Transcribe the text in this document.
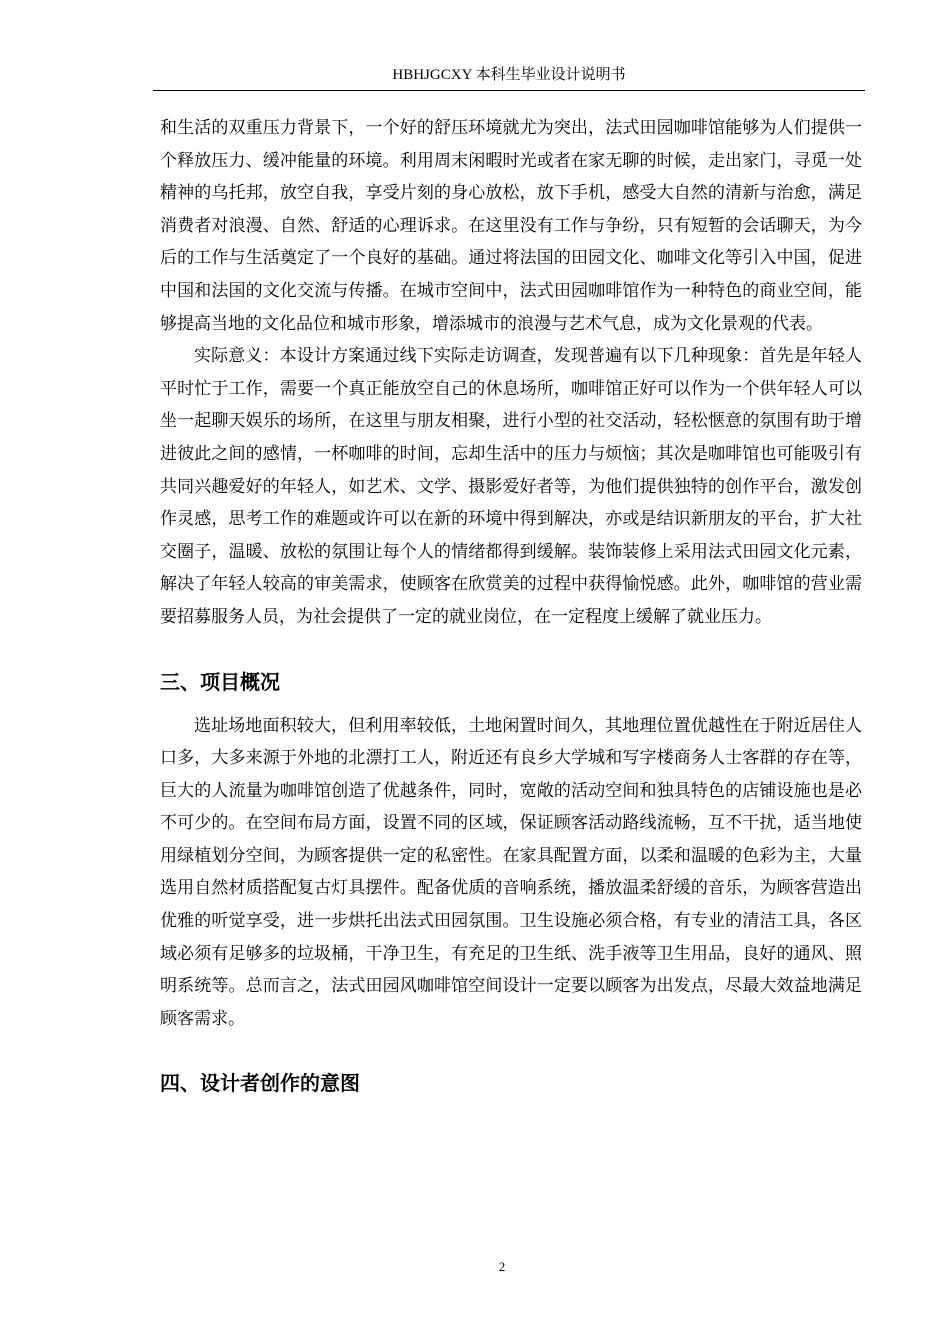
HBHJGCXY 本科生毕业设计说明书

和生活的双重压力背景下，一个好的舒压环境就尤为突出，法式田园咖啡馆能够为人们提供一个释放压力、缓冲能量的环境。利用周末闲暇时光或者在家无聊的时候，走出家门，寻觅一处精神的乌托邦，放空自我，享受片刻的身心放松，放下手机，感受大自然的清新与治愈，满足消费者对浪漫、自然、舒适的心理诉求。在这里没有工作与争纷，只有短暂的会话聊天，为今后的工作与生活奠定了一个良好的基础。通过将法国的田园文化、咖啡文化等引入中国，促进中国和法国的文化交流与传播。在城市空间中，法式田园咖啡馆作为一种特色的商业空间，能够提高当地的文化品位和城市形象，增添城市的浪漫与艺术气息，成为文化景观的代表。

实际意义：本设计方案通过线下实际走访调查，发现普遍有以下几种现象：首先是年轻人平时忙于工作，需要一个真正能放空自己的休息场所，咖啡馆正好可以作为一个供年轻人可以坐一起聊天娱乐的场所，在这里与朋友相聚，进行小型的社交活动，轻松惬意的氛围有助于增进彼此之间的感情，一杯咖啡的时间，忘却生活中的压力与烦恼；其次是咖啡馆也可能吸引有共同兴趣爱好的年轻人，如艺术、文学、摄影爱好者等，为他们提供独特的创作平台，激发创作灵感，思考工作的难题或许可以在新的环境中得到解决，亦或是结识新朋友的平台，扩大社交圈子，温暖、放松的氛围让每个人的情绪都得到缓解。装饰装修上采用法式田园文化元素，解决了年轻人较高的审美需求，使顾客在欣赏美的过程中获得愉悦感。此外，咖啡馆的营业需要招募服务人员，为社会提供了一定的就业岗位，在一定程度上缓解了就业压力。

三、项目概况

选址场地面积较大，但利用率较低，土地闲置时间久，其地理位置优越性在于附近居住人口多，大多来源于外地的北漂打工人，附近还有良乡大学城和写字楼商务人士客群的存在等，巨大的人流量为咖啡馆创造了优越条件，同时，宽敞的活动空间和独具特色的店铺设施也是必不可少的。在空间布局方面，设置不同的区域，保证顾客活动路线流畅，互不干扰，适当地使用绿植划分空间，为顾客提供一定的私密性。在家具配置方面，以柔和温暖的色彩为主，大量选用自然材质搭配复古灯具摆件。配备优质的音响系统，播放温柔舒缓的音乐，为顾客营造出优雅的听觉享受，进一步烘托出法式田园氛围。卫生设施必须合格，有专业的清洁工具，各区域必须有足够多的垃圾桶，干净卫生，有充足的卫生纸、洗手液等卫生用品，良好的通风、照明系统等。总而言之，法式田园风咖啡馆空间设计一定要以顾客为出发点，尽最大效益地满足顾客需求。

四、设计者创作的意图
2
